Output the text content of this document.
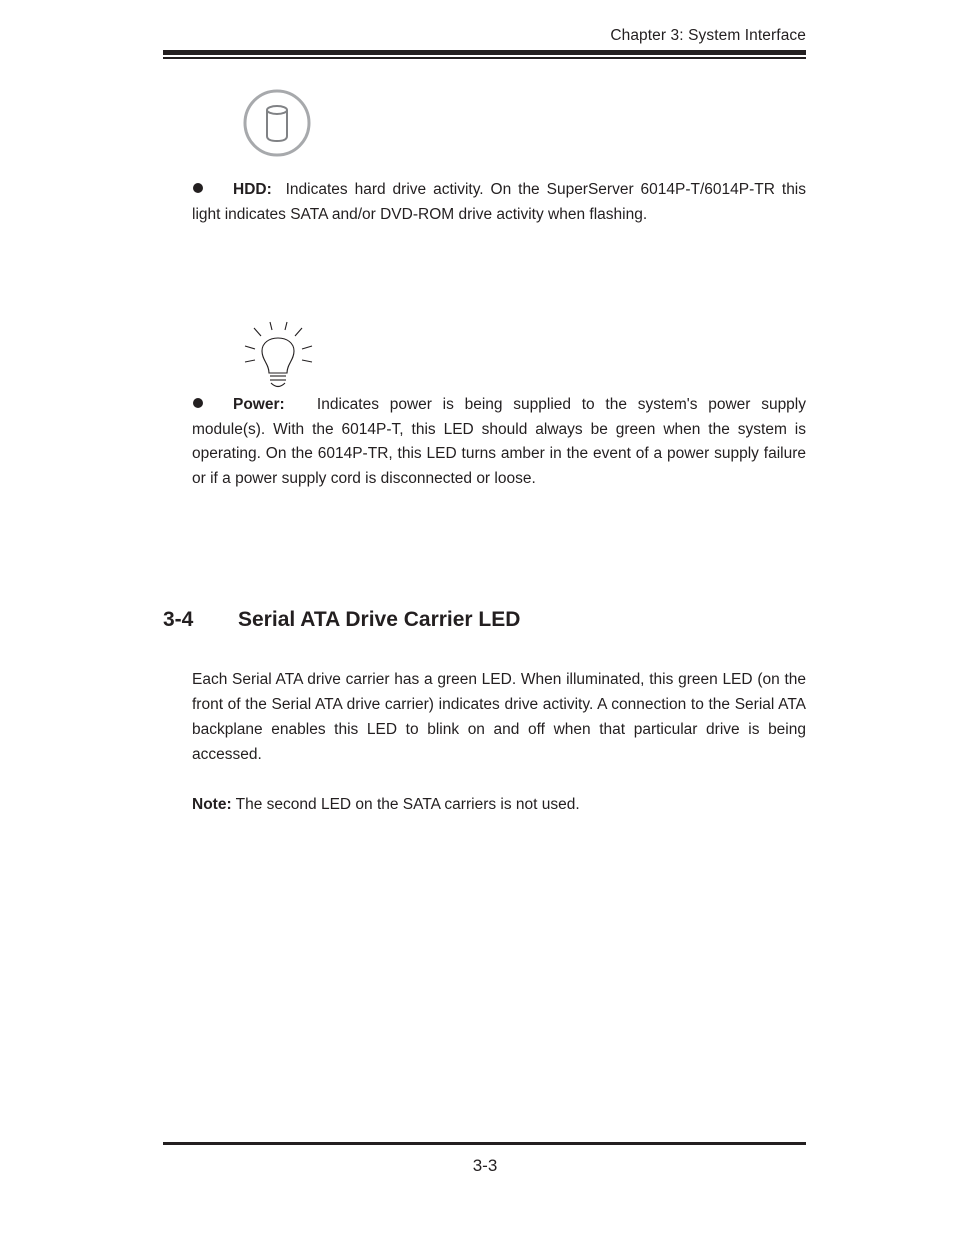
Chapter 3: System Interface
HDD: Indicates hard drive activity. On the SuperServer 6014P-T/6014P-TR this light indicates SATA and/or DVD-ROM drive activity when flashing.
Power: Indicates power is being supplied to the system's power supply module(s). With the 6014P-T, this LED should always be green when the system is operating. On the 6014P-TR, this LED turns amber in the event of a power supply failure or if a power supply cord is disconnected or loose.
3-4 Serial ATA Drive Carrier LED
Each Serial ATA drive carrier has a green LED. When illuminated, this green LED (on the front of the Serial ATA drive carrier) indicates drive activity. A connection to the Serial ATA backplane enables this LED to blink on and off when that particular drive is being accessed.
Note: The second LED on the SATA carriers is not used.
3-3
